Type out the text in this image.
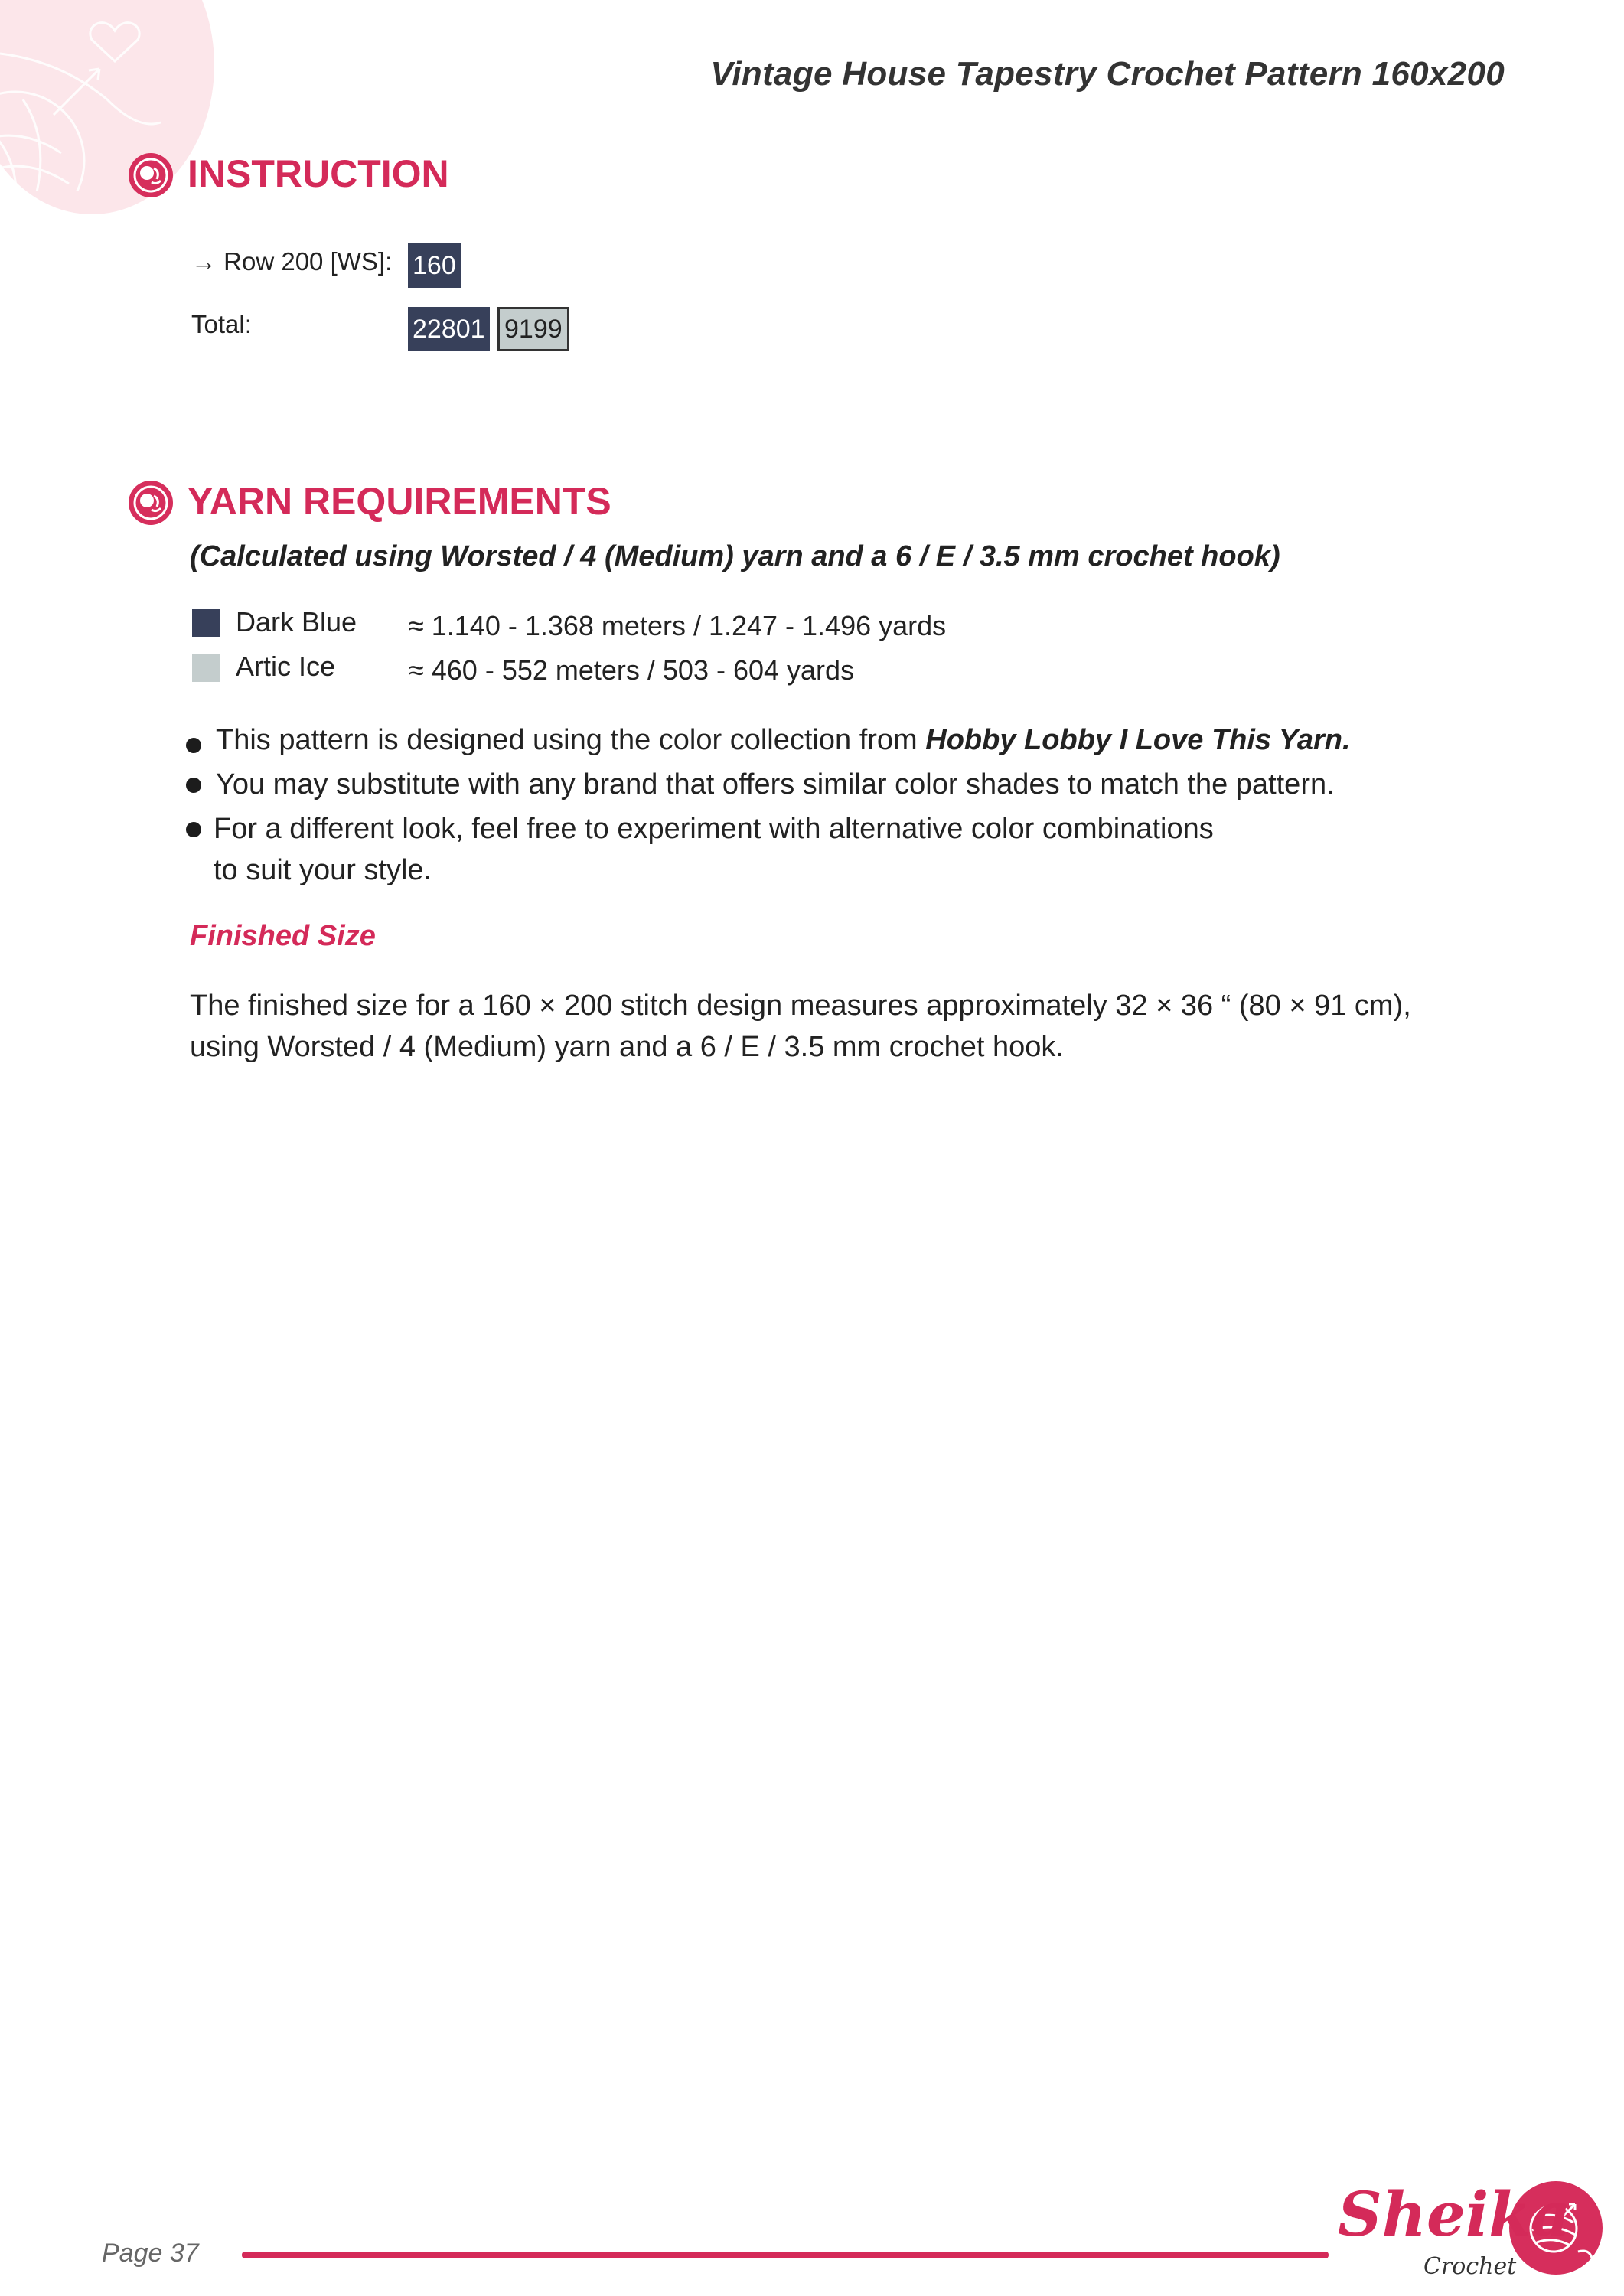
Vintage House Tapestry Crochet Pattern 160x200
INSTRUCTION
→ Row 200 [WS]: 160
Total:	22801 9199
YARN REQUIREMENTS
(Calculated using Worsted / 4 (Medium) yarn and a 6 / E / 3.5 mm crochet hook)
Dark Blue ≈ 1.140 - 1.368 meters / 1.247 - 1.496 yards
Artic Ice	≈ 460 - 552 meters / 503 - 604 yards
This pattern is designed using the color collection from Hobby Lobby I Love This Yarn.
You may substitute with any brand that offers similar color shades to match the pattern.
For a different look, feel free to experiment with alternative color combinations
to suit your style.
Finished Size
The finished size for a 160 × 200 stitch design measures approximately 32 × 36 “ (80 × 91 cm),
using Worsted / 4 (Medium) yarn and a 6 / E / 3.5 mm crochet hook.
Page 37
Sheika
Crochet
